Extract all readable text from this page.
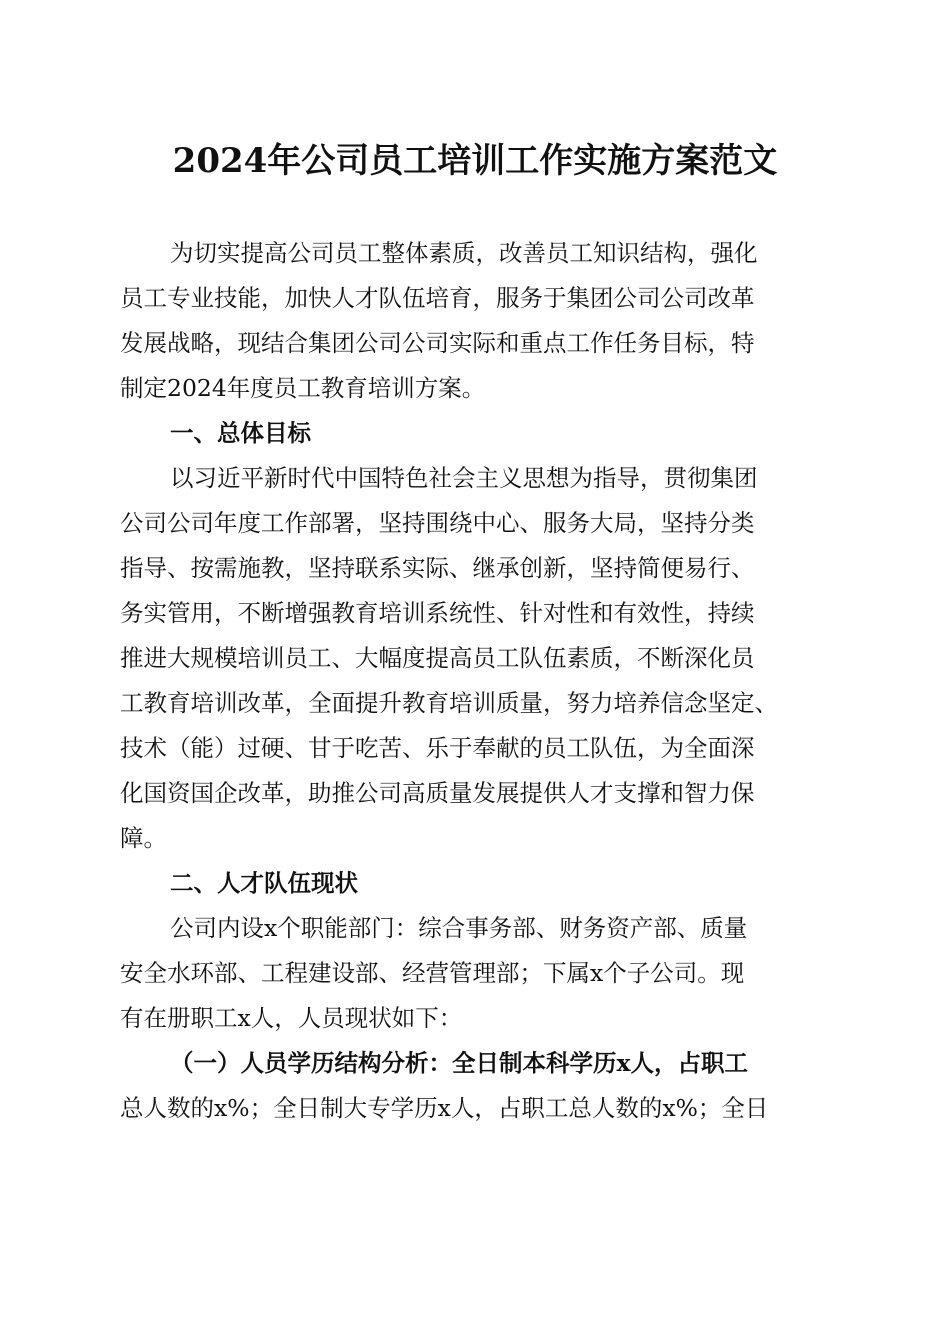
2024年公司员工培训工作实施方案范文
为切实提高公司员工整体素质，改善员工知识结构，强化
员工专业技能，加快人才队伍培育，服务于集团公司公司改革
发展战略，现结合集团公司公司实际和重点工作任务目标，特
制定2024年度员工教育培训方案。
一、总体目标
以习近平新时代中国特色社会主义思想为指导，贯彻集团
公司公司年度工作部署，坚持围绕中心、服务大局，坚持分类
指导、按需施教，坚持联系实际、继承创新，坚持简便易行、
务实管用，不断增强教育培训系统性、针对性和有效性，持续
推进大规模培训员工、大幅度提高员工队伍素质，不断深化员
工教育培训改革，全面提升教育培训质量，努力培养信念坚定、
技术（能）过硬、甘于吃苦、乐于奉献的员工队伍，为全面深
化国资国企改革，助推公司高质量发展提供人才支撑和智力保
障。
二、人才队伍现状
公司内设x个职能部门：综合事务部、财务资产部、质量
安全水环部、工程建设部、经营管理部；下属x个子公司。现
有在册职工x人，人员现状如下：
（一）人员学历结构分析：全日制本科学历x人，占职工
总人数的x%；全日制大专学历x人，占职工总人数的x%；全日
